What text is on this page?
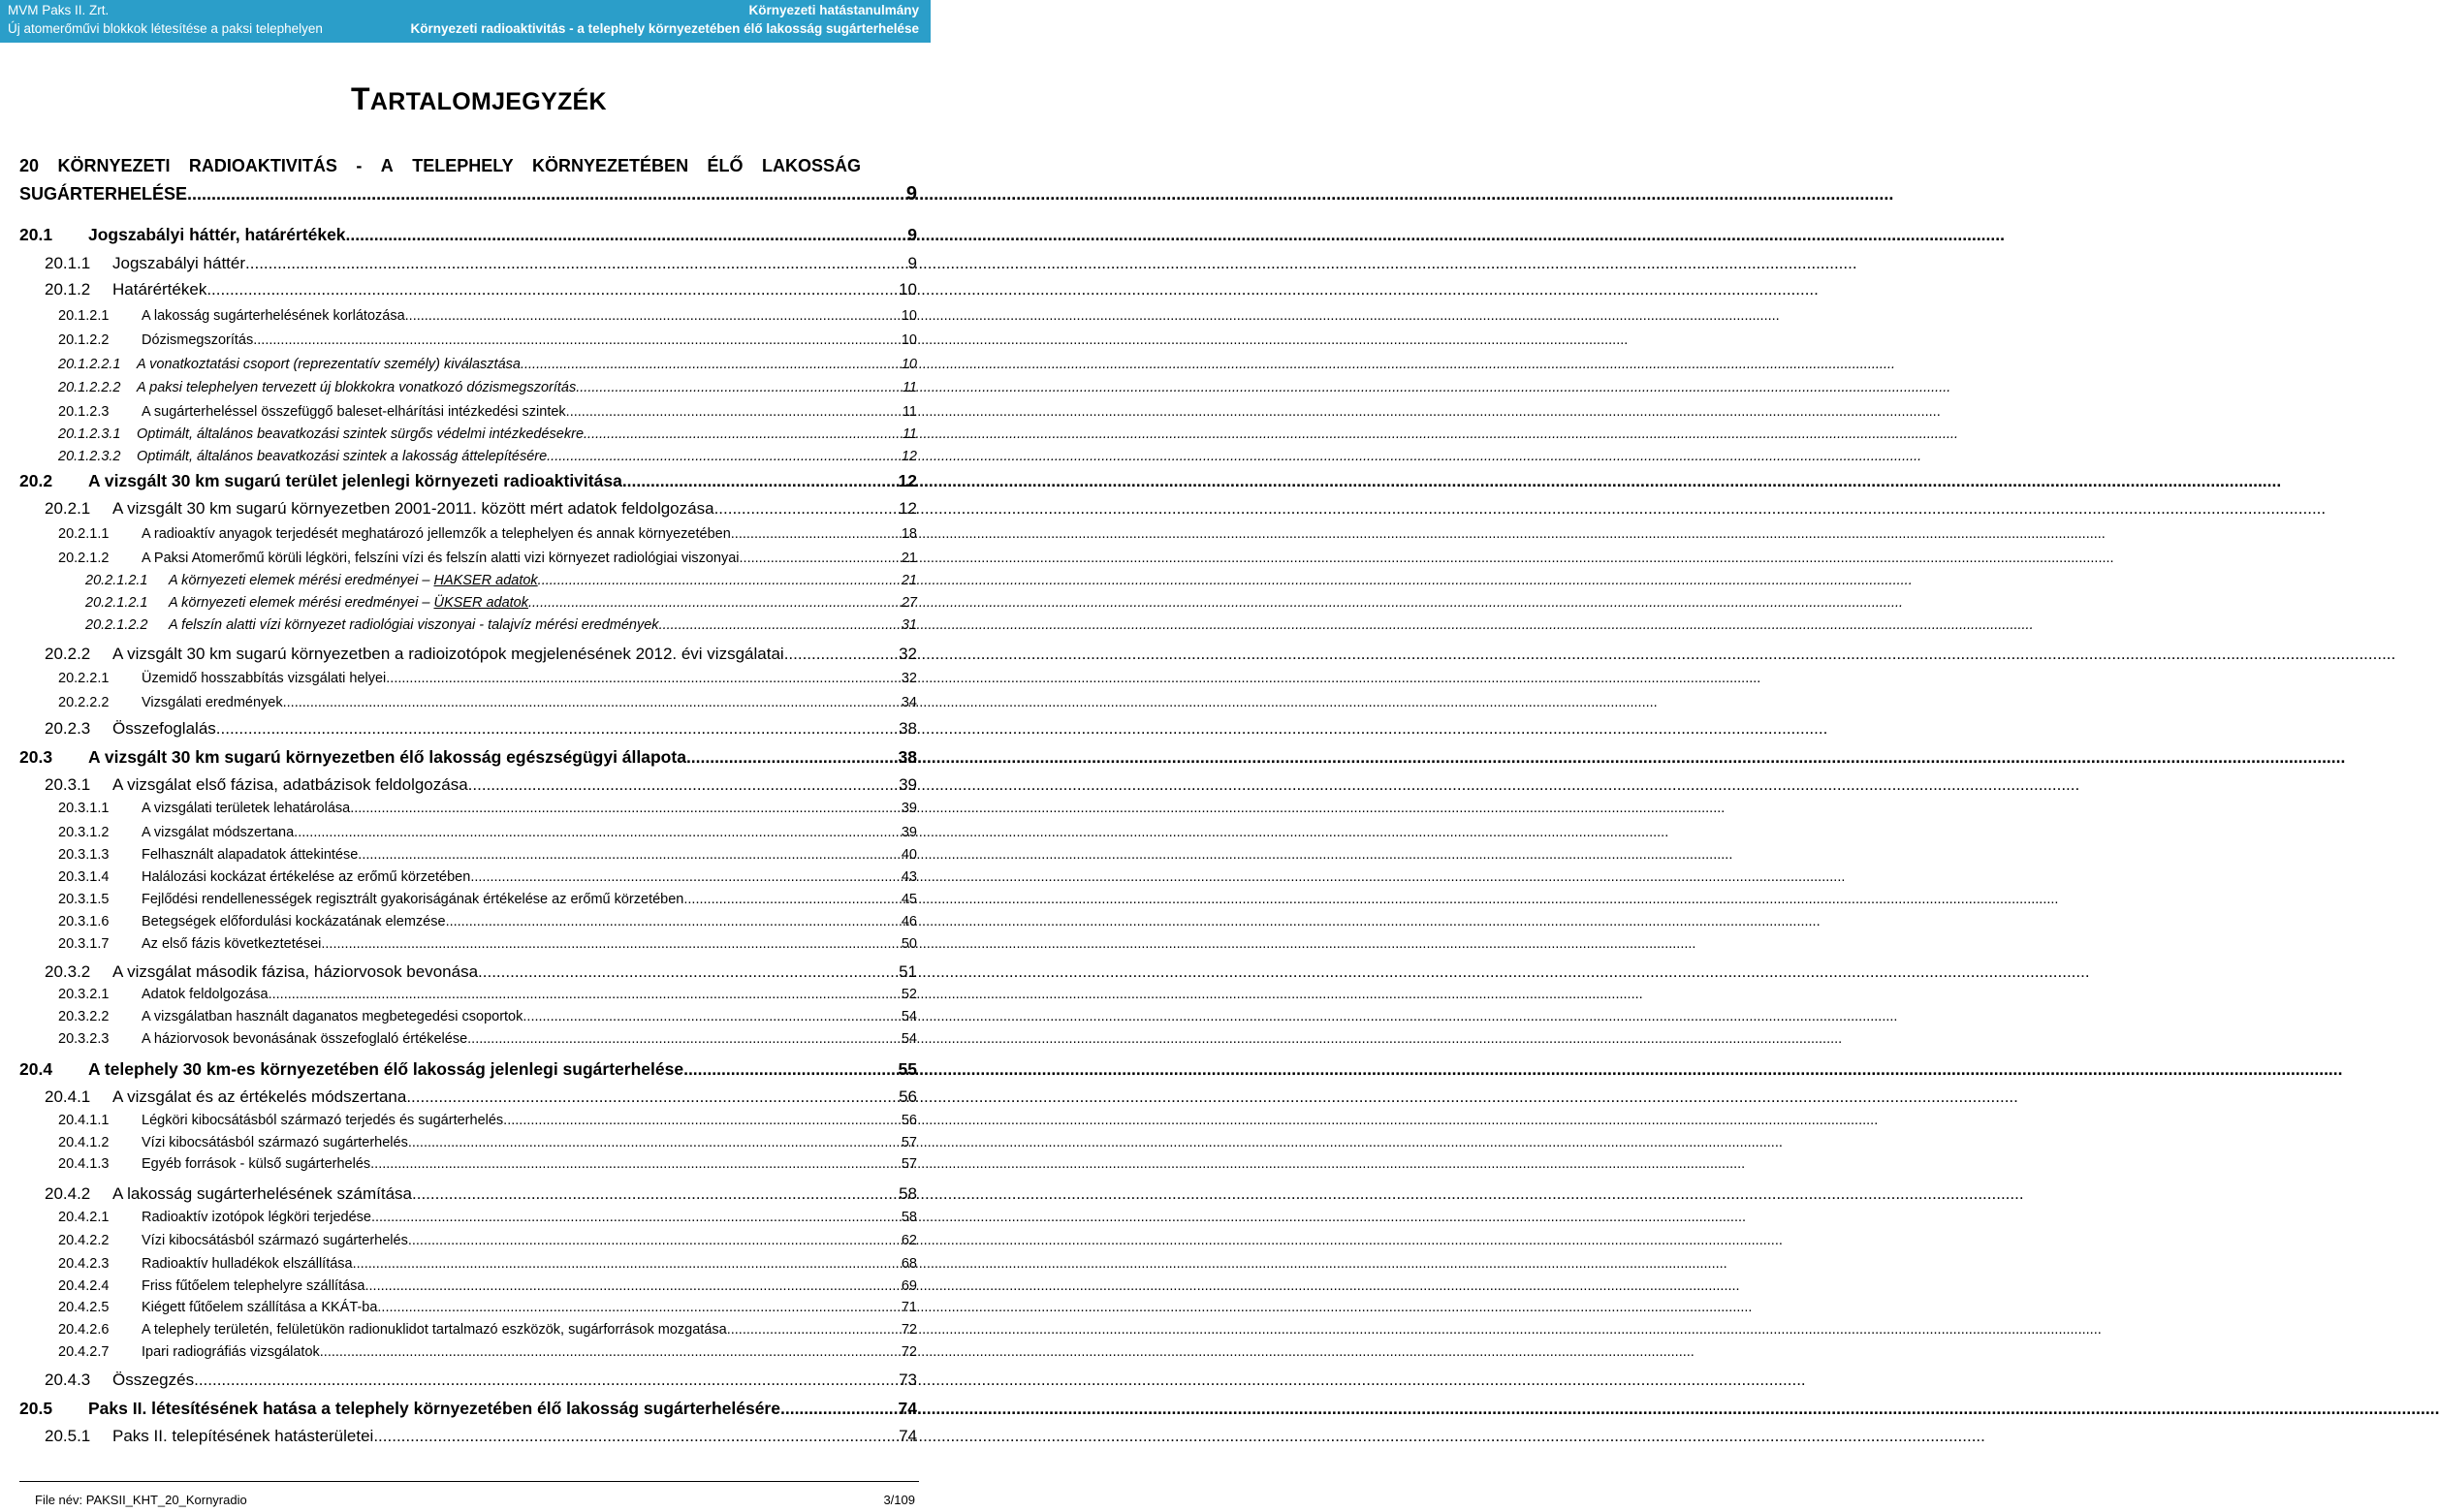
MVM Paks II. Zrt.
Új atomerőművi blokkok létesítése a paksi telephelyen
Környezeti hatástanulmány
Környezeti radioaktivitás - a telephely környezetében élő lakosság sugárterhelése
TARTALOMJEGYZÉK
20 KÖRNYEZETI RADIOAKTIVITÁS - A TELEPHELY KÖRNYEZETÉBEN ÉLŐ LAKOSSÁG
SUGÁRTERHELÉSE .....	9
20.1	Jogszabályi háttér, határértékek .....	9
20.1.1	Jogszabályi háttér .....	9
20.1.2	Határértékek .....	10
20.1.2.1	A lakosság sugárterhelésének korlátozása .....	10
20.1.2.2	Dózismegszorítás .....	10
20.1.2.2.1	A vonatkoztatási csoport (reprezentatív személy) kiválasztása .....	10
20.1.2.2.2	A paksi telephelyen tervezett új blokkokra vonatkozó dózismegszorítás .....	11
20.1.2.3	A sugárterheléssel összefüggő baleset-elhárítási intézkedési szintek .....	11
20.1.2.3.1	Optimált, általános beavatkozási szintek sürgős védelmi intézkedésekre .....	11
20.1.2.3.2	Optimált, általános beavatkozási szintek a lakosság áttelepítésére .....	12
20.2	A vizsgált 30 km sugarú terület jelenlegi környezeti radioaktivitása .....	12
20.2.1	A vizsgált 30 km sugarú környezetben 2001-2011. között mért adatok feldolgozása .....	12
20.2.1.1	A radioaktív anyagok terjedését meghatározó jellemzők a telephelyen és annak környezetében .....	18
20.2.1.2	A Paksi Atomerőmű körüli légköri, felszíni vízi és felszín alatti vizi környezet radiológiai viszonyai .....	21
20.2.1.2.1	A környezeti elemek mérési eredményei – HAKSER adatok .....	21
20.2.1.2.1	A környezeti elemek mérési eredményei – ÜKSER adatok .....	27
20.2.1.2.2	A felszín alatti vízi környezet radiológiai viszonyai - talajvíz mérési eredmények .....	31
20.2.2	A vizsgált 30 km sugarú környezetben a radioizotópok megjelenésének 2012. évi vizsgálatai .....	32
20.2.2.1	Üzemidő hosszabbítás vizsgálati helyei .....	32
20.2.2.2	Vizsgálati eredmények .....	34
20.2.3	Összefoglalás .....	38
20.3	A vizsgált 30 km sugarú környezetben élő lakosság egészségügyi állapota .....	38
20.3.1	A vizsgálat első fázisa, adatbázisok feldolgozása .....	39
20.3.1.1	A vizsgálati területek lehatárolása .....	39
20.3.1.2	A vizsgálat módszertana .....	39
20.3.1.3	Felhasznált alapadatok áttekintése .....	40
20.3.1.4	Halálozási kockázat értékelése az erőmű körzetében .....	43
20.3.1.5	Fejlődési rendellenességek regisztrált gyakoriságának értékelése az erőmű körzetében .....	45
20.3.1.6	Betegségek előfordulási kockázatának elemzése .....	46
20.3.1.7	Az első fázis következtetései .....	50
20.3.2	A vizsgálat második fázisa, háziorvosok bevonása .....	51
20.3.2.1	Adatok feldolgozása .....	52
20.3.2.2	A vizsgálatban használt daganatos megbetegedési csoportok .....	54
20.3.2.3	A háziorvosok bevonásának összefoglaló értékelése .....	54
20.4	A telephely 30 km-es környezetében élő lakosság jelenlegi sugárterhelése .....	55
20.4.1	A vizsgálat és az értékelés módszertana .....	56
20.4.1.1	Légköri kibocsátásból származó terjedés és sugárterhelés .....	56
20.4.1.2	Vízi kibocsátásból származó sugárterhelés .....	57
20.4.1.3	Egyéb források - külső sugárterhelés .....	57
20.4.2	A lakosság sugárterhelésének számítása .....	58
20.4.2.1	Radioaktív izotópok légköri terjedése .....	58
20.4.2.2	Vízi kibocsátásból származó sugárterhelés .....	62
20.4.2.3	Radioaktív hulladékok elszállítása .....	68
20.4.2.4	Friss fűtőelem telephelyre szállítása .....	69
20.4.2.5	Kiégett fűtőelem szállítása a KKÁT-ba .....	71
20.4.2.6	A telephely területén, felületükön radionuklidot tartalmazó eszközök, sugárforrások mozgatása .....	72
20.4.2.7	Ipari radiográfiás vizsgálatok .....	72
20.4.3	Összegzés .....	73
20.5	Paks II. létesítésének hatása a telephely környezetében élő lakosság sugárterhelésére .....	74
20.5.1	Paks II. telepítésének hatásterületei .....	74
File név: PAKSII_KHT_20_Kornyradio	3/109
